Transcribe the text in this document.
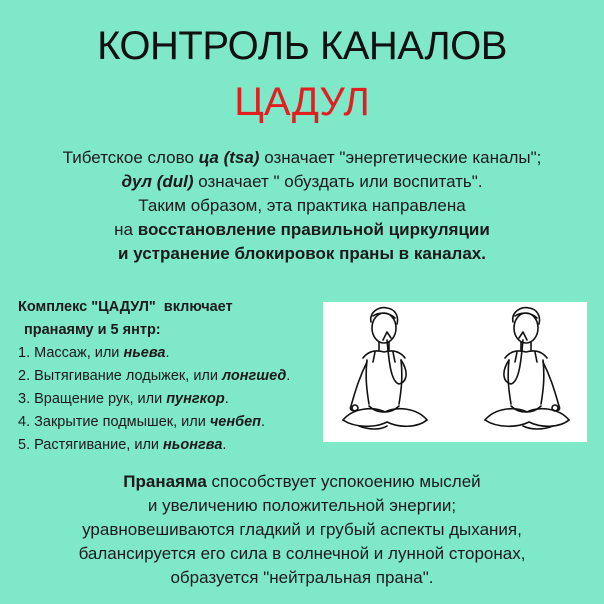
КОНТРОЛЬ КАНАЛОВ
ЦАДУЛ
Тибетское слово ца (tsa) означает "энергетические каналы";
дул (dul) означает " обуздать или воспитать".
Таким образом, эта практика направлена
на восстановление правильной циркуляции
и устранение блокировок праны в каналах.
Комплекс "ЦАДУЛ"  включает
пранаяму и 5 янтр:
1. Массаж, или ньева.
2. Вытягивание лодыжек, или лонгшед.
3. Вращение рук, или пунгкор.
4. Закрытие подмышек, или ченбеп.
5. Растягивание, или ньонгва.
Пранаяма способствует успокоению мыслей
и увеличению положительной энергии;
уравновешиваются гладкий и грубый аспекты дыхания,
балансируется его сила в солнечной и лунной сторонах,
образуется "нейтральная прана".
